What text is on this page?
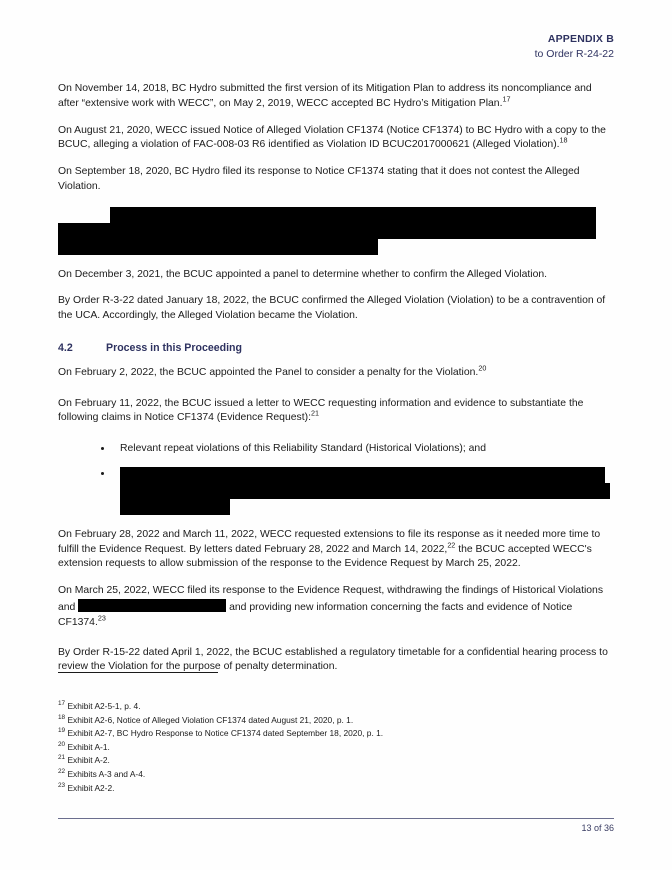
APPENDIX B
to Order R-24-22

On November 14, 2018, BC Hydro submitted the first version of its Mitigation Plan to address its noncompliance and after “extensive work with WECC”, on May 2, 2019, WECC accepted BC Hydro’s Mitigation Plan.$^{17}$

On August 21, 2020, WECC issued Notice of Alleged Violation CF1374 (Notice CF1374) to BC Hydro with a copy to the BCUC, alleging a violation of FAC-008-03 R6 identified as Violation ID BCUC2017000621 (Alleged Violation).$^{18}$

On September 18, 2020, BC Hydro filed its response to Notice CF1374 stating that it does not contest the Alleged Violation.

On December 3, 2021, the BCUC appointed a panel to determine whether to confirm the Alleged Violation.

By Order R-3-22 dated January 18, 2022, the BCUC confirmed the Alleged Violation (Violation) to be a contravention of the UCA. Accordingly, the Alleged Violation became the Violation.

4.2	Process in this Proceeding

On February 2, 2022, the BCUC appointed the Panel to consider a penalty for the Violation.$^{20}$

On February 11, 2022, the BCUC issued a letter to WECC requesting information and evidence to substantiate the following claims in Notice CF1374 (Evidence Request):$^{21}$

Relevant repeat violations of this Reliability Standard (Historical Violations); and

On February 28, 2022 and March 11, 2022, WECC requested extensions to file its response as it needed more time to fulfill the Evidence Request. By letters dated February 28, 2022 and March 14, 2022,22 the BCUC accepted WECC's extension requests to allow submission of the response to the Evidence Request by March 25, 2022.

On March 25, 2022, WECC filed its response to the Evidence Request, withdrawing the findings of Historical Violations and	and providing new information concerning the facts and evidence of Notice CF1374.23

By Order R-15-22 dated April 1, 2022, the BCUC established a regulatory timetable for a confidential hearing process to review the Violation for the purpose of penalty determination.

$^{17}$ Exhibit A2-5-1, p. 4.
$^{18}$ Exhibit A2-6, Notice of Alleged Violation CF1374 dated August 21, 2020, p. 1.
$^{19}$ Exhibit A2-7, BC Hydro Response to Notice CF1374 dated September 18, 2020, p. 1.
$^{20}$ Exhibit A-1.
$^{21}$ Exhibit A-2.
$^{22}$ Exhibits A-3 and A-4.
$^{23}$ Exhibit A2-2.
13 of 36
